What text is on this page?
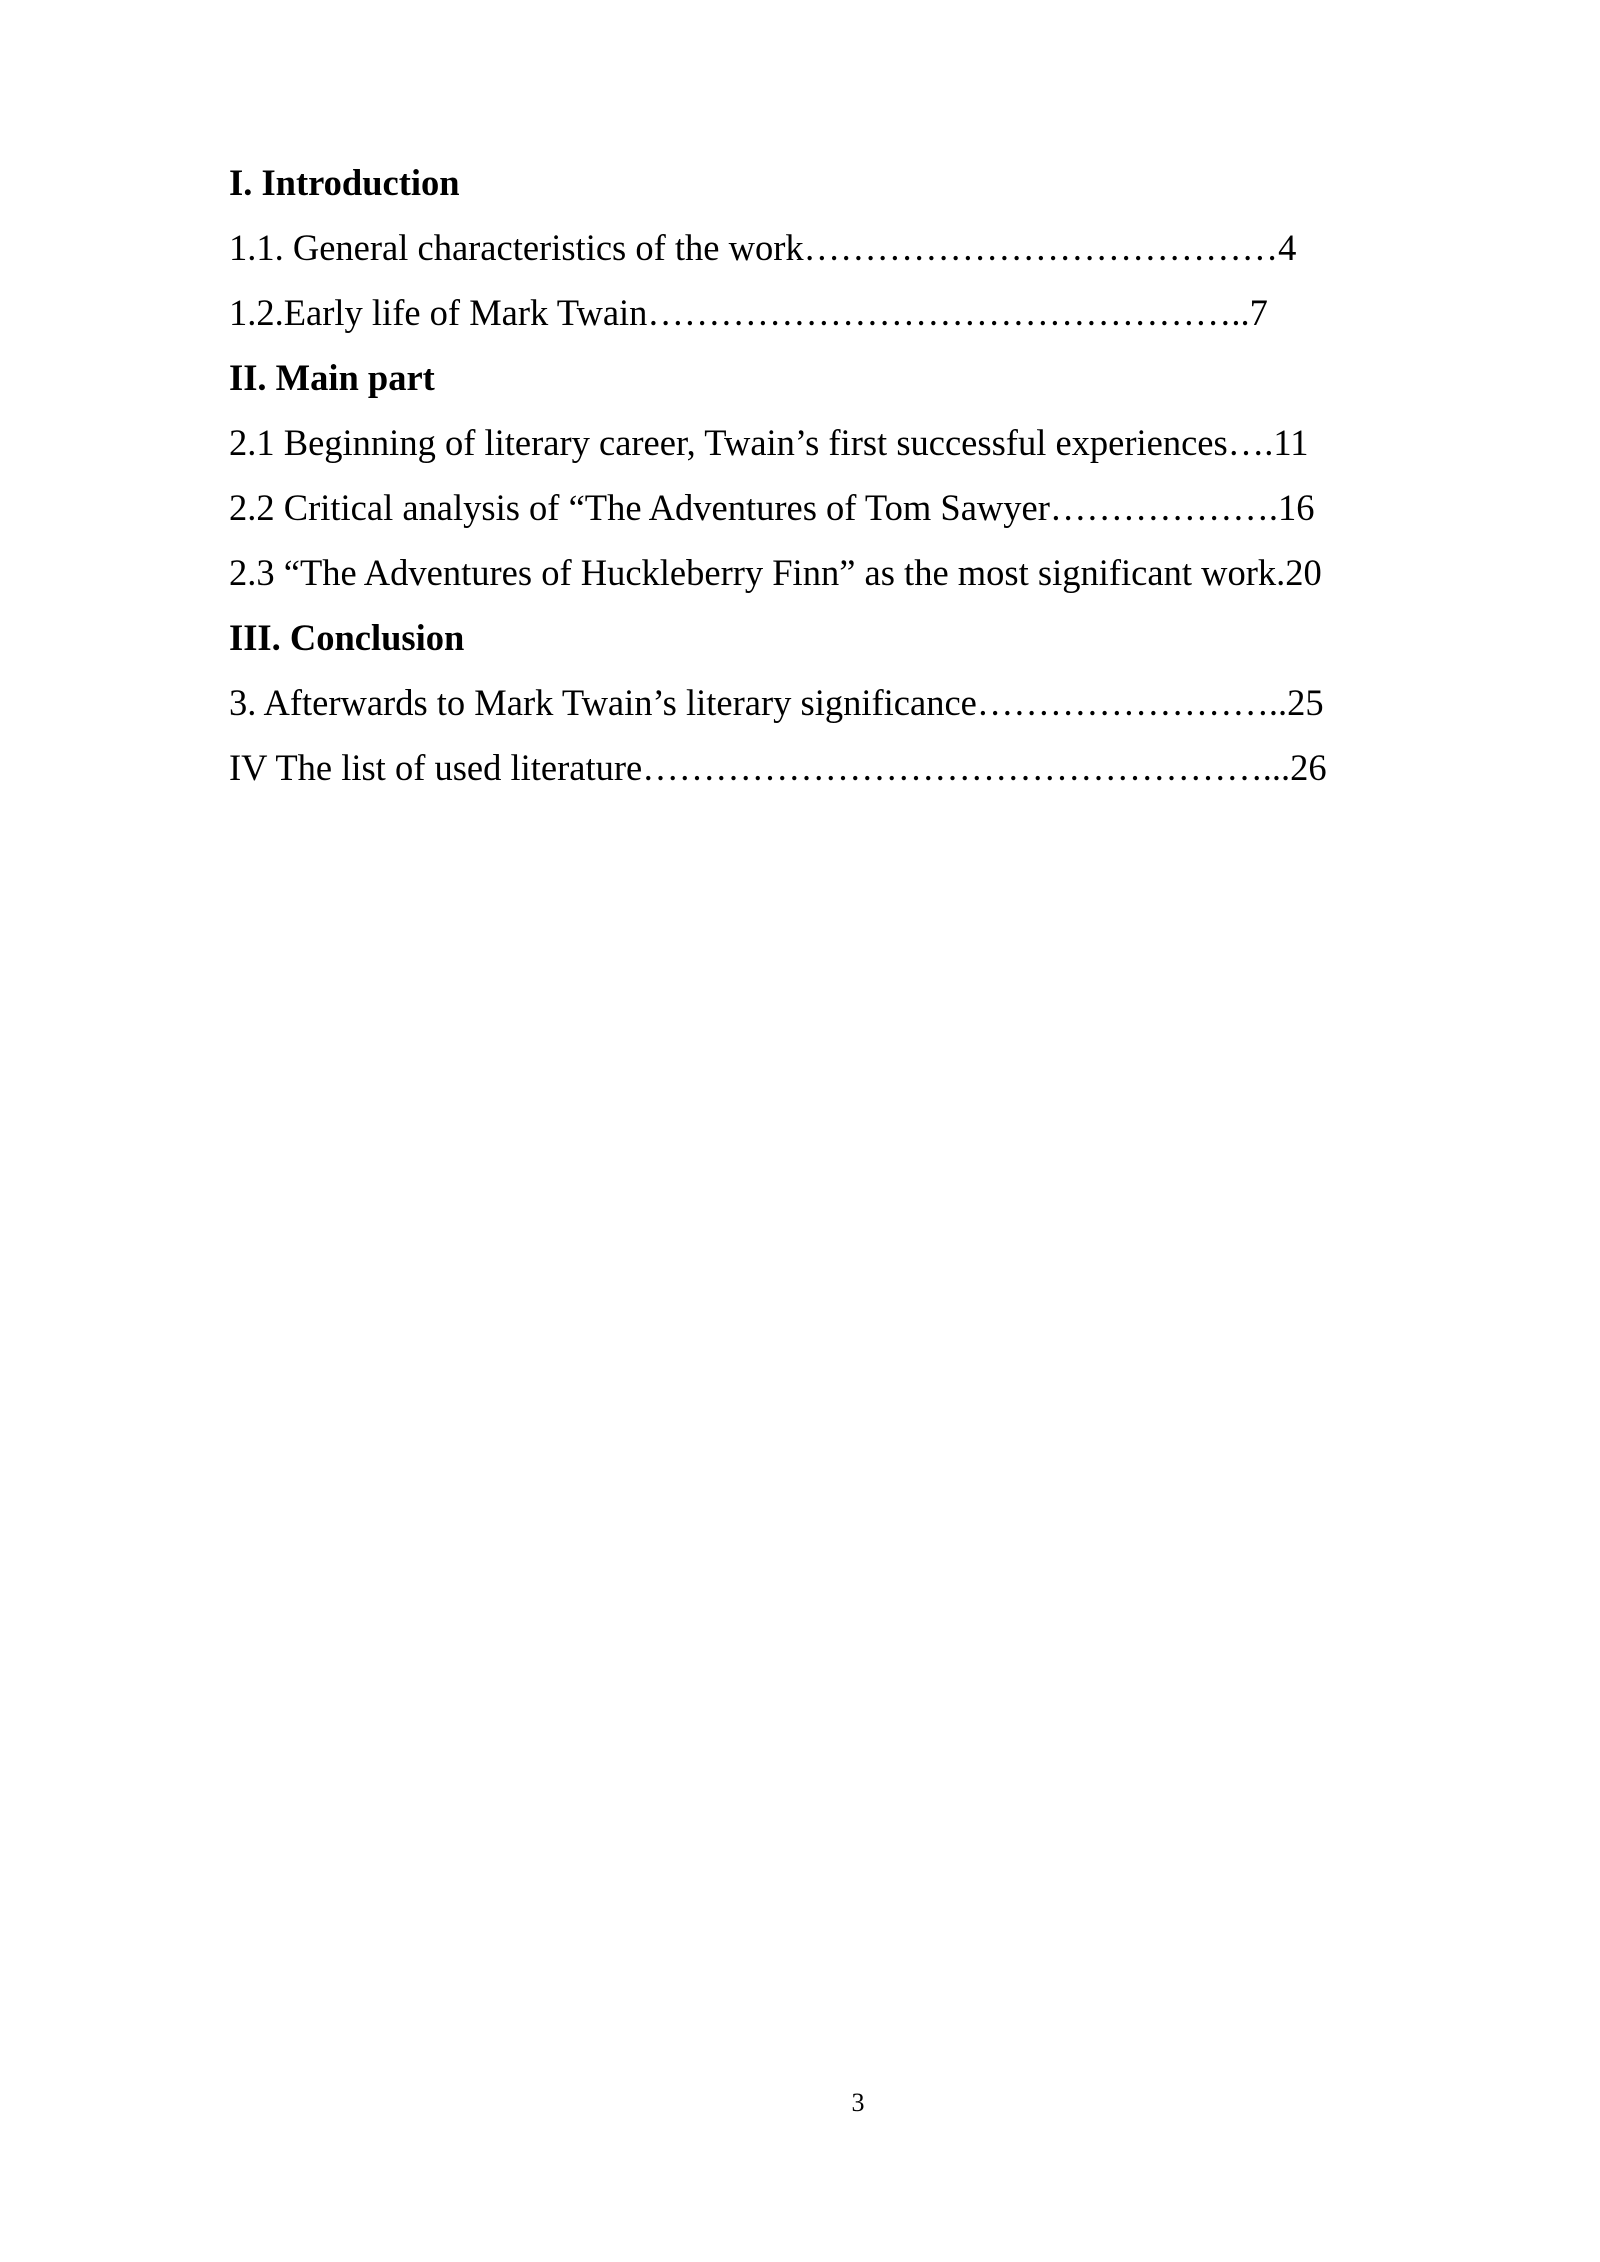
I. Introduction
1.1. General characteristics of the work…………………………………4
1.2.Early life of Mark Twain…………………………………………..7
II. Main part
2.1 Beginning of literary career, Twain’s first successful experiences….11
2.2 Critical analysis of “The Adventures of Tom Sawyer……………….16
2.3 “The Adventures of Huckleberry Finn” as the most significant work.20
III. Conclusion
3. Afterwards to Mark Twain’s literary significance……………………..25
IV The list of used literature……………………………………………...26
3
